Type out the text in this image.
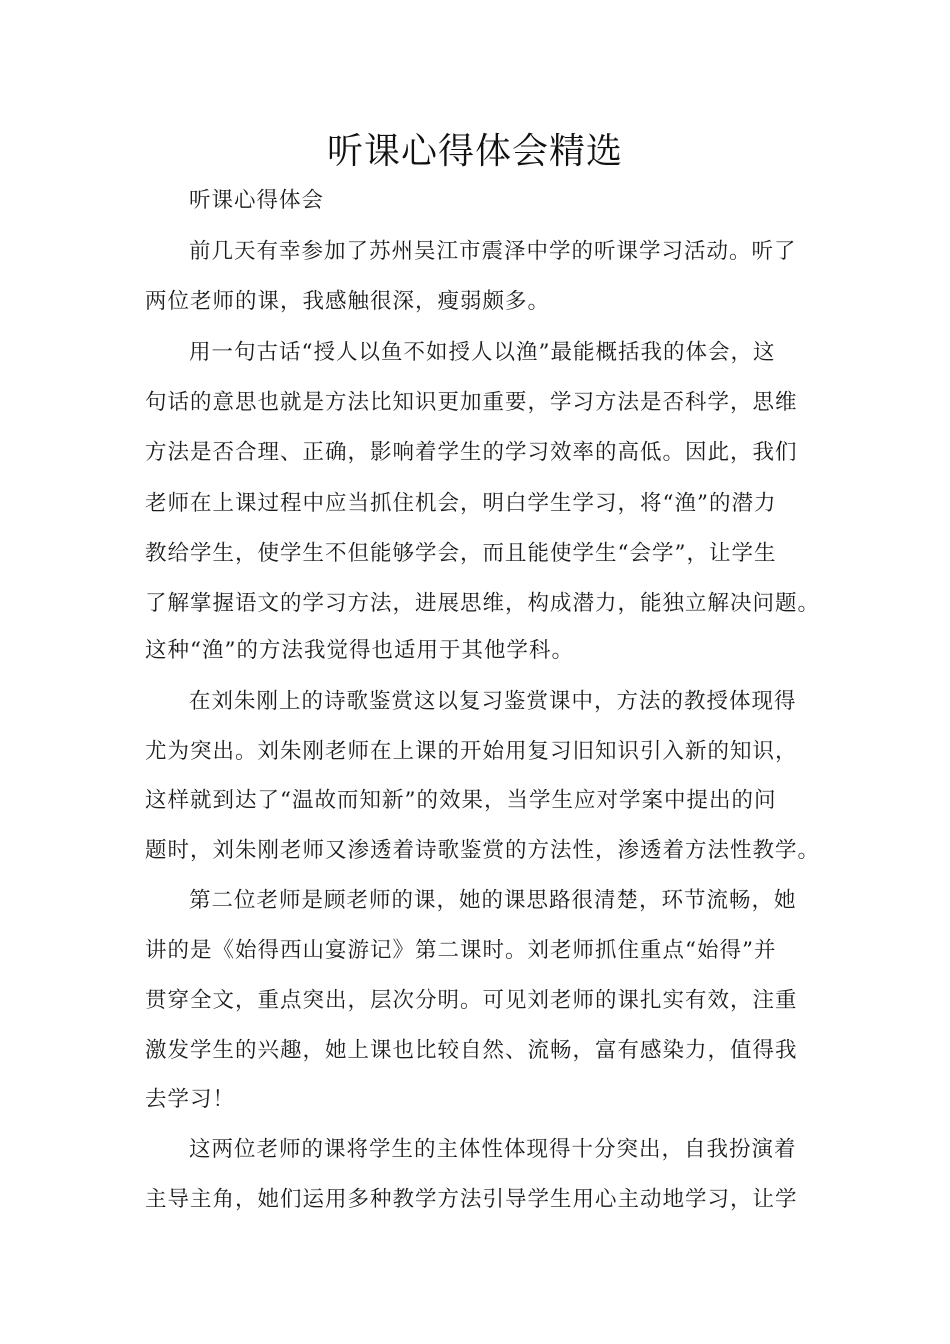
听课心得体会精选
听课心得体会
前几天有幸参加了苏州吴江市震泽中学的听课学习活动。听了
两位老师的课，我感触很深，瘦弱颇多。
用一句古话“授人以鱼不如授人以渔”最能概括我的体会，这
句话的意思也就是方法比知识更加重要，学习方法是否科学，思维
方法是否合理、正确，影响着学生的学习效率的高低。因此，我们
老师在上课过程中应当抓住机会，明白学生学习，将“渔”的潜力
教给学生，使学生不但能够学会，而且能使学生“会学”，让学生
了解掌握语文的学习方法，进展思维，构成潜力，能独立解决问题。
这种“渔”的方法我觉得也适用于其他学科。
在刘朱刚上的诗歌鉴赏这以复习鉴赏课中，方法的教授体现得
尤为突出。刘朱刚老师在上课的开始用复习旧知识引入新的知识，
这样就到达了“温故而知新”的效果，当学生应对学案中提出的问
题时，刘朱刚老师又渗透着诗歌鉴赏的方法性，渗透着方法性教学。
第二位老师是顾老师的课，她的课思路很清楚，环节流畅，她
讲的是《始得西山宴游记》第二课时。刘老师抓住重点“始得”并
贯穿全文，重点突出，层次分明。可见刘老师的课扎实有效，注重
激发学生的兴趣，她上课也比较自然、流畅，富有感染力，值得我
去学习！
这两位老师的课将学生的主体性体现得十分突出，自我扮演着
主导主角，她们运用多种教学方法引导学生用心主动地学习，让学
